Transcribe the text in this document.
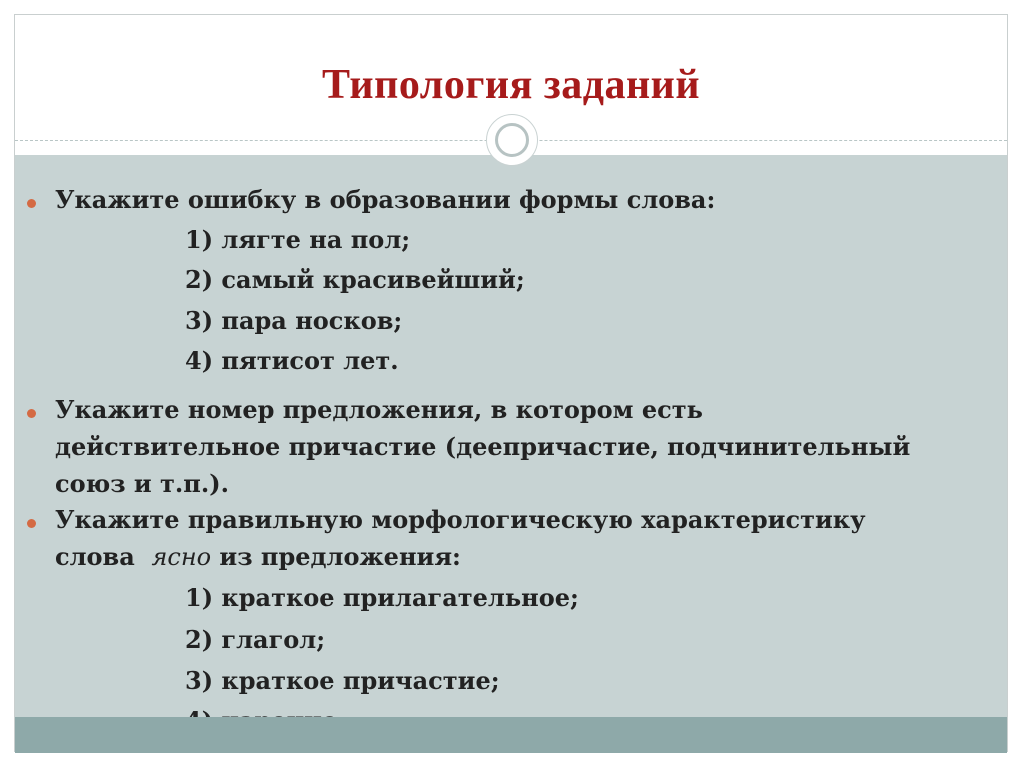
Типология заданий
Укажите ошибку в образовании формы слова:
1) лягте на пол;
2) самый красивейший;
3) пара носков;
4) пятисот лет.
Укажите номер предложения, в котором есть
действительное причастие (деепричастие, подчинительный
союз и т.п.).
Укажите правильную морфологическую характеристику
слова  ясно из предложения:
1) краткое прилагательное;
2) глагол;
3) краткое причастие;
